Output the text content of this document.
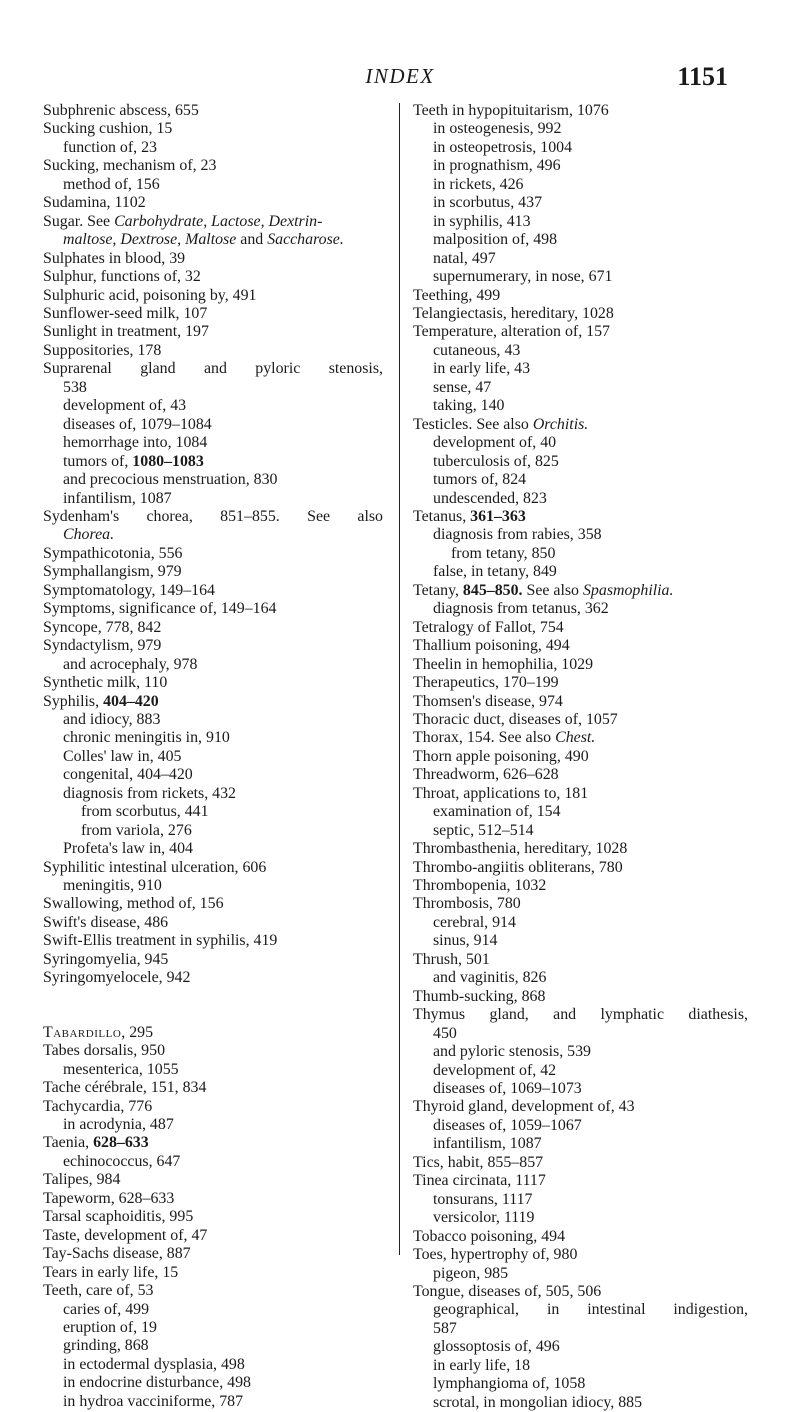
INDEX	1151

Subphrenic abscess, 655

Sucking cushion, 15

function of, 23

Sucking, mechanism of, 23

method of, 156

Sudamina, 1102

Sugar. See Carbohydrate, Lactose, Dextrin-

maltose, Dextrose, Maltose and Saccharose.

Sulphates in blood, 39

Sulphur, functions of, 32

Sulphuric acid, poisoning by, 491

Sunflower-seed milk, 107

Sunlight in treatment, 197

Suppositories, 178

Suprarenal gland and pyloric stenosis,

538

development of, 43

diseases of, 1079–1084

hemorrhage into, 1084

tumors of, 1080–1083

and precocious menstruation, 830

infantilism, 1087

Sydenham's chorea, 851–855. See also

Chorea.

Sympathicotonia, 556

Symphallangism, 979

Symptomatology, 149–164

Symptoms, significance of, 149–164

Syncope, 778, 842

Syndactylism, 979

and acrocephaly, 978

Synthetic milk, 110

Syphilis, 404–420

and idiocy, 883

chronic meningitis in, 910

Colles' law in, 405

congenital, 404–420

diagnosis from rickets, 432

from scorbutus, 441

from variola, 276

Profeta's law in, 404

Syphilitic intestinal ulceration, 606

meningitis, 910

Swallowing, method of, 156

Swift's disease, 486

Swift-Ellis treatment in syphilis, 419

Syringomyelia, 945

Syringomyelocele, 942

Tabardillo, 295

Tabes dorsalis, 950

mesenterica, 1055

Tache cérébrale, 151, 834

Tachycardia, 776

in acrodynia, 487

Taenia, 628–633

echinococcus, 647

Talipes, 984

Tapeworm, 628–633

Tarsal scaphoiditis, 995

Taste, development of, 47

Tay-Sachs disease, 887

Tears in early life, 15

Teeth, care of, 53

caries of, 499

eruption of, 19

grinding, 868

in ectodermal dysplasia, 498

in endocrine disturbance, 498

in hydroa vacciniforme, 787

Teeth in hypopituitarism, 1076

in osteogenesis, 992

in osteopetrosis, 1004

in prognathism, 496

in rickets, 426

in scorbutus, 437

in syphilis, 413

malposition of, 498

natal, 497

supernumerary, in nose, 671

Teething, 499

Telangiectasis, hereditary, 1028

Temperature, alteration of, 157

cutaneous, 43

in early life, 43

sense, 47

taking, 140

Testicles. See also Orchitis.

development of, 40

tuberculosis of, 825

tumors of, 824

undescended, 823

Tetanus, 361–363

diagnosis from rabies, 358

from tetany, 850

false, in tetany, 849

Tetany, 845–850. See also Spasmophilia.

diagnosis from tetanus, 362

Tetralogy of Fallot, 754

Thallium poisoning, 494

Theelin in hemophilia, 1029

Therapeutics, 170–199

Thomsen's disease, 974

Thoracic duct, diseases of, 1057

Thorax, 154. See also Chest.

Thorn apple poisoning, 490

Threadworm, 626–628

Throat, applications to, 181

examination of, 154

septic, 512–514

Thrombasthenia, hereditary, 1028

Thrombo-angiitis obliterans, 780

Thrombopenia, 1032

Thrombosis, 780

cerebral, 914

sinus, 914

Thrush, 501

and vaginitis, 826

Thumb-sucking, 868

Thymus gland, and lymphatic diathesis,

450

and pyloric stenosis, 539

development of, 42

diseases of, 1069–1073

Thyroid gland, development of, 43

diseases of, 1059–1067

infantilism, 1087

Tics, habit, 855–857

Tinea circinata, 1117

tonsurans, 1117

versicolor, 1119

Tobacco poisoning, 494

Toes, hypertrophy of, 980

pigeon, 985

Tongue, diseases of, 505, 506

geographical, in intestinal indigestion,

587

glossoptosis of, 496

in early life, 18

lymphangioma of, 1058

scrotal, in mongolian idiocy, 885
